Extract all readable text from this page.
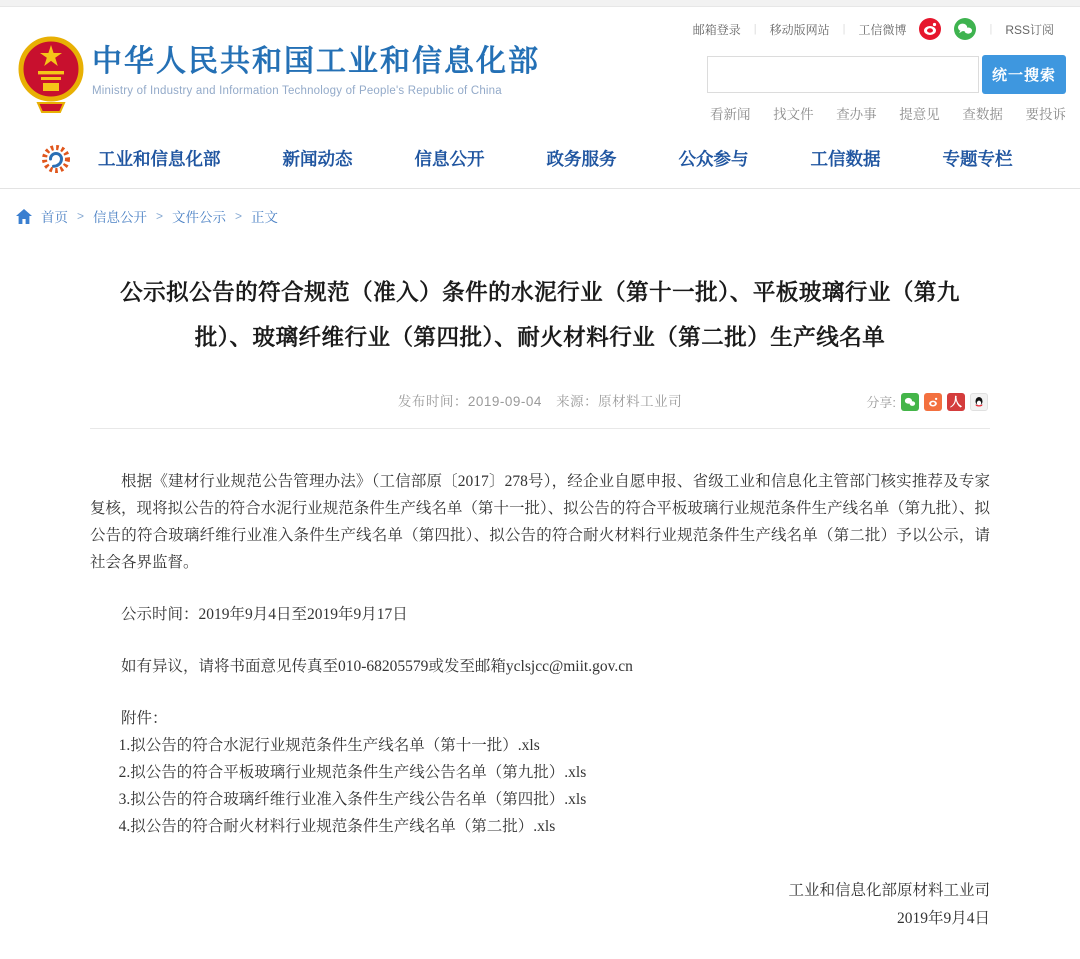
邮箱登录 | 移动版网站 | 工信微博	| RSS订阅
中华人民共和国工业和信息化部
Ministry of Industry and Information Technology of People's Republic of China
统一搜索
看新闻 找文件 查办事 提意见 查数据 要投诉
工业和信息化部	新闻动态	信息公开	政务服务	公众参与	工信数据	专题专栏
首页 > 信息公开 > 文件公示 > 正文
公示拟公告的符合规范（准入）条件的水泥行业（第十一批）、平板玻璃行业（第九批）、玻璃纤维行业（第四批）、耐火材料行业（第二批）生产线名单
发布时间：2019-09-04 来源：原材料工业司	分享:	人

根据《建材行业规范公告管理办法》（工信部原〔2017〕278号），经企业自愿申报、省级工业和信息化主管部门核实推荐及专家复核，现将拟公告的符合水泥行业规范条件生产线名单（第十一批）、拟公告的符合平板玻璃行业规范条件生产线名单（第九批）、拟公告的符合玻璃纤维行业准入条件生产线名单（第四批）、拟公告的符合耐火材料行业规范条件生产线名单（第二批）予以公示，请社会各界监督。

公示时间：2019年9月4日至2019年9月17日

如有异议，请将书面意见传真至010-68205579或发至邮箱yclsjcc@miit.gov.cn

附件：
1.拟公告的符合水泥行业规范条件生产线名单（第十一批）.xls
2.拟公告的符合平板玻璃行业规范条件生产线公告名单（第九批）.xls
3.拟公告的符合玻璃纤维行业准入条件生产线公告名单（第四批）.xls
4.拟公告的符合耐火材料行业规范条件生产线名单（第二批）.xls
工业和信息化部原材料工业司
2019年9月4日
